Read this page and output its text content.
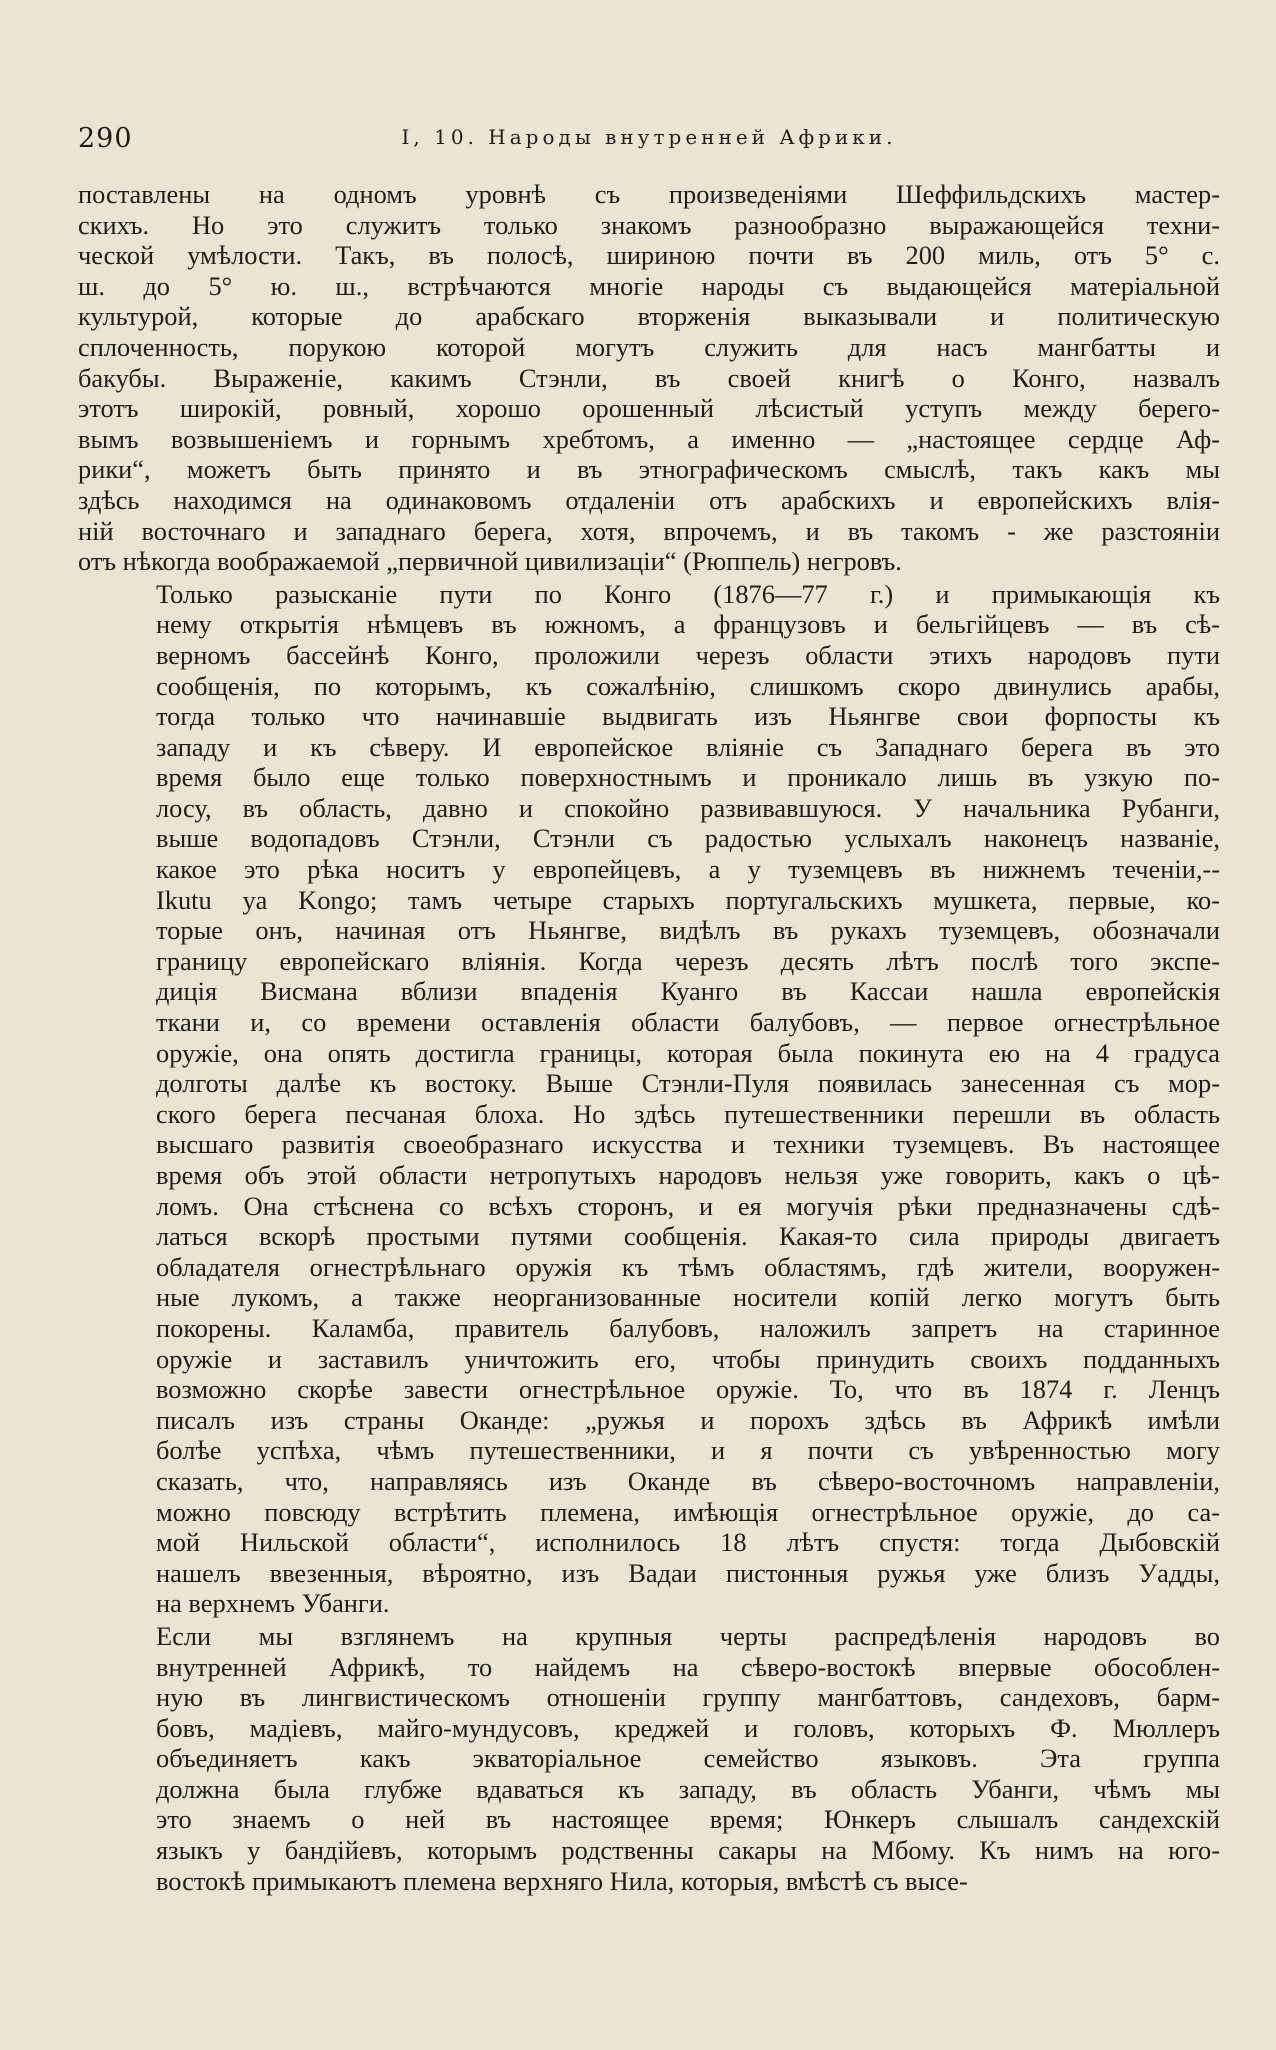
290	I, 10. Народы внутренней Африки.

поставлены на одномъ уровнѣ съ произведеніями Шеффильдскихъ мастер-
скихъ. Но это служитъ только знакомъ разнообразно выражающейся техни-
ческой умѣлости. Такъ, въ полосѣ, шириною почти въ 200 миль, отъ 5° с.
ш. до 5° ю. ш., встрѣчаются многіе народы съ выдающейся матеріальной
культурой, которые до арабскаго вторженія выказывали и политическую
сплоченность, порукою которой могутъ служить для насъ мангбатты и
бакубы. Выраженіе, какимъ Стэнли, въ своей книгѣ о Конго, назвалъ
этотъ широкій, ровный, хорошо орошенный лѣсистый уступъ между берего-
вымъ возвышеніемъ и горнымъ хребтомъ, а именно — „настоящее сердце Аф-
рики“, можетъ быть принято и въ этнографическомъ смыслѣ, такъ какъ мы
здѣсь находимся на одинаковомъ отдаленіи отъ арабскихъ и европейскихъ влія-
ній восточнаго и западнаго берега, хотя, впрочемъ, и въ такомъ - же разстояніи
отъ нѣкогда воображаемой „первичной цивилизаціи“ (Рюппель) негровъ.

Только разысканіе пути по Конго (1876—77 г.) и примыкающія къ
нему открытія нѣмцевъ въ южномъ, а французовъ и бельгійцевъ — въ сѣ-
верномъ бассейнѣ Конго, проложили черезъ области этихъ народовъ пути
сообщенія, по которымъ, къ сожалѣнію, слишкомъ скоро двинулись арабы,
тогда только что начинавшіе выдвигать изъ Ньянгве свои форпосты къ
западу и къ сѣверу. И европейское вліяніе съ Западнаго берега въ это
время было еще только поверхностнымъ и проникало лишь въ узкую по-
лосу, въ область, давно и спокойно развивавшуюся. У начальника Рубанги,
выше водопадовъ Стэнли, Стэнли съ радостью услыхалъ наконецъ названіе,
какое это рѣка носитъ у европейцевъ, а у туземцевъ въ нижнемъ теченіи,--
Ikutu ya Kongo; тамъ четыре старыхъ португальскихъ мушкета, первые, ко-
торые онъ, начиная отъ Ньянгве, видѣлъ въ рукахъ туземцевъ, обозначали
границу европейскаго вліянія. Когда черезъ десять лѣтъ послѣ того экспе-
диція Висмана вблизи впаденія Куанго въ Кассаи нашла европейскія
ткани и, со времени оставленія области балубовъ, — первое огнестрѣльное
оружіе, она опять достигла границы, которая была покинута ею на 4 градуса
долготы далѣе къ востоку. Выше Стэнли-Пуля появилась занесенная съ мор-
ского берега песчаная блоха. Но здѣсь путешественники перешли въ область
высшаго развитія своеобразнаго искусства и техники туземцевъ. Въ настоящее
время объ этой области нетропутыхъ народовъ нельзя уже говорить, какъ о цѣ-
ломъ. Она стѣснена со всѣхъ сторонъ, и ея могучія рѣки предназначены сдѣ-
латься вскорѣ простыми путями сообщенія. Какая-то сила природы двигаетъ
обладателя огнестрѣльнаго оружія къ тѣмъ областямъ, гдѣ жители, вооружен-
ные лукомъ, а также неорганизованные носители копій легко могутъ быть
покорены. Каламба, правитель балубовъ, наложилъ запретъ на старинное
оружіе и заставилъ уничтожить его, чтобы принудить своихъ подданныхъ
возможно скорѣе завести огнестрѣльное оружіе. То, что въ 1874 г. Ленцъ
писалъ изъ страны Оканде: „ружья и порохъ здѣсь въ Африкѣ имѣли
болѣе успѣха, чѣмъ путешественники, и я почти съ увѣренностью могу
сказать, что, направляясь изъ Оканде въ сѣверо-восточномъ направленіи,
можно повсюду встрѣтить племена, имѣющія огнестрѣльное оружіе, до са-
мой Нильской области“, исполнилось 18 лѣтъ спустя: тогда Дыбовскій
нашелъ ввезенныя, вѣроятно, изъ Вадаи пистонныя ружья уже близъ Уадды,
на верхнемъ Убанги.

Если мы взглянемъ на крупныя черты распредѣленія народовъ во
внутренней Африкѣ, то найдемъ на сѣверо-востокѣ впервые обособлен-
ную въ лингвистическомъ отношеніи группу мангбаттовъ, сандеховъ, барм-
бовъ, мадіевъ, майго-мундусовъ, креджей и головъ, которыхъ Ф. Мюллеръ
объединяетъ какъ экваторіальное семейство языковъ. Эта группа
должна была глубже вдаваться къ западу, въ область Убанги, чѣмъ мы
это знаемъ о ней въ настоящее время; Юнкеръ слышалъ сандехскій
языкъ у бандійевъ, которымъ родственны сакары на Мбому. Къ нимъ на юго-
востокѣ примыкаютъ племена верхняго Нила, которыя, вмѣстѣ съ высе-
